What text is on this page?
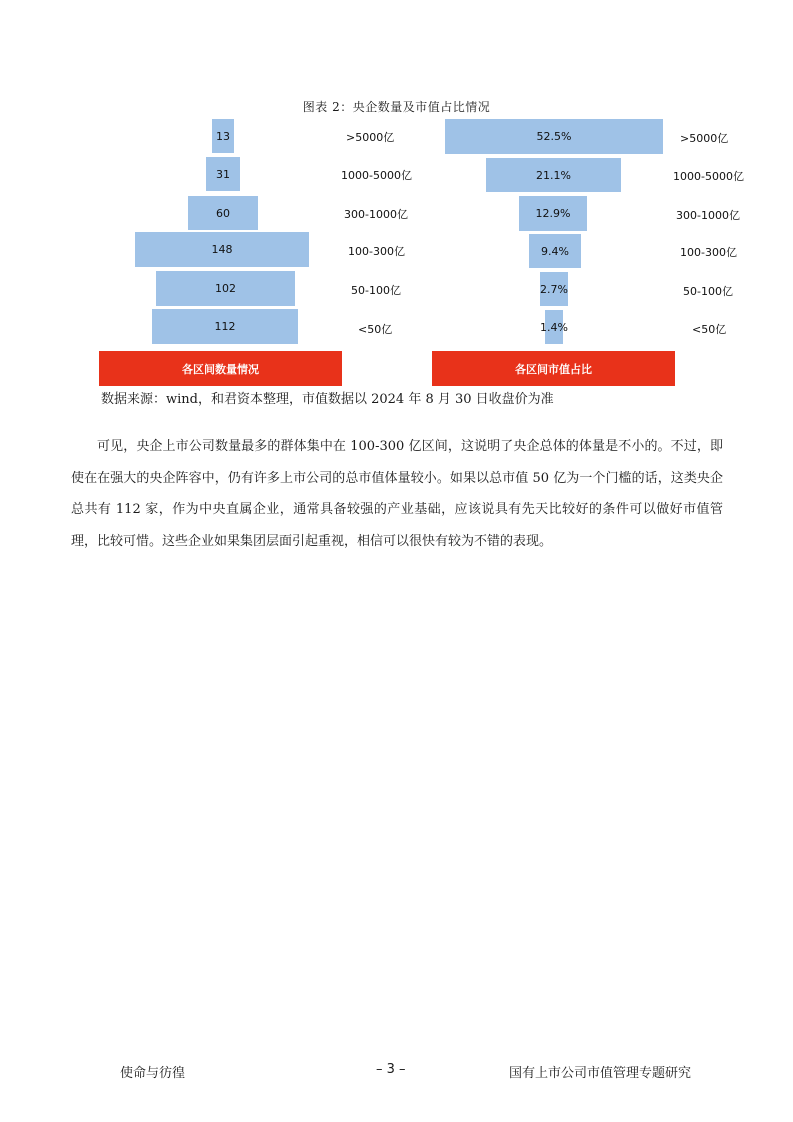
图表 2：央企数量及市值占比情况
13
31
60
148
102
112
>5000亿
1000-5000亿
300-1000亿
100-300亿
50-100亿
<50亿
各区间数量情况
52.5%
21.1%
12.9%
9.4%
2.7%
1.4%
>5000亿
1000-5000亿
300-1000亿
100-300亿
50-100亿
<50亿
各区间市值占比
数据来源：wind，和君资本整理，市值数据以 2024 年 8 月 30 日收盘价为准

可见，央企上市公司数量最多的群体集中在 100-300 亿区间，这说明了央企总体的体量是不小的。不过，即使在在强大的央企阵容中，仍有许多上市公司的总市值体量较小。如果以总市值 50 亿为一个门槛的话，这类央企总共有 112 家，作为中央直属企业，通常具备较强的产业基础，应该说具有先天比较好的条件可以做好市值管理，比较可惜。这些企业如果集团层面引起重视，相信可以很快有较为不错的表现。

使命与彷徨	– 3 –	国有上市公司市值管理专题研究
